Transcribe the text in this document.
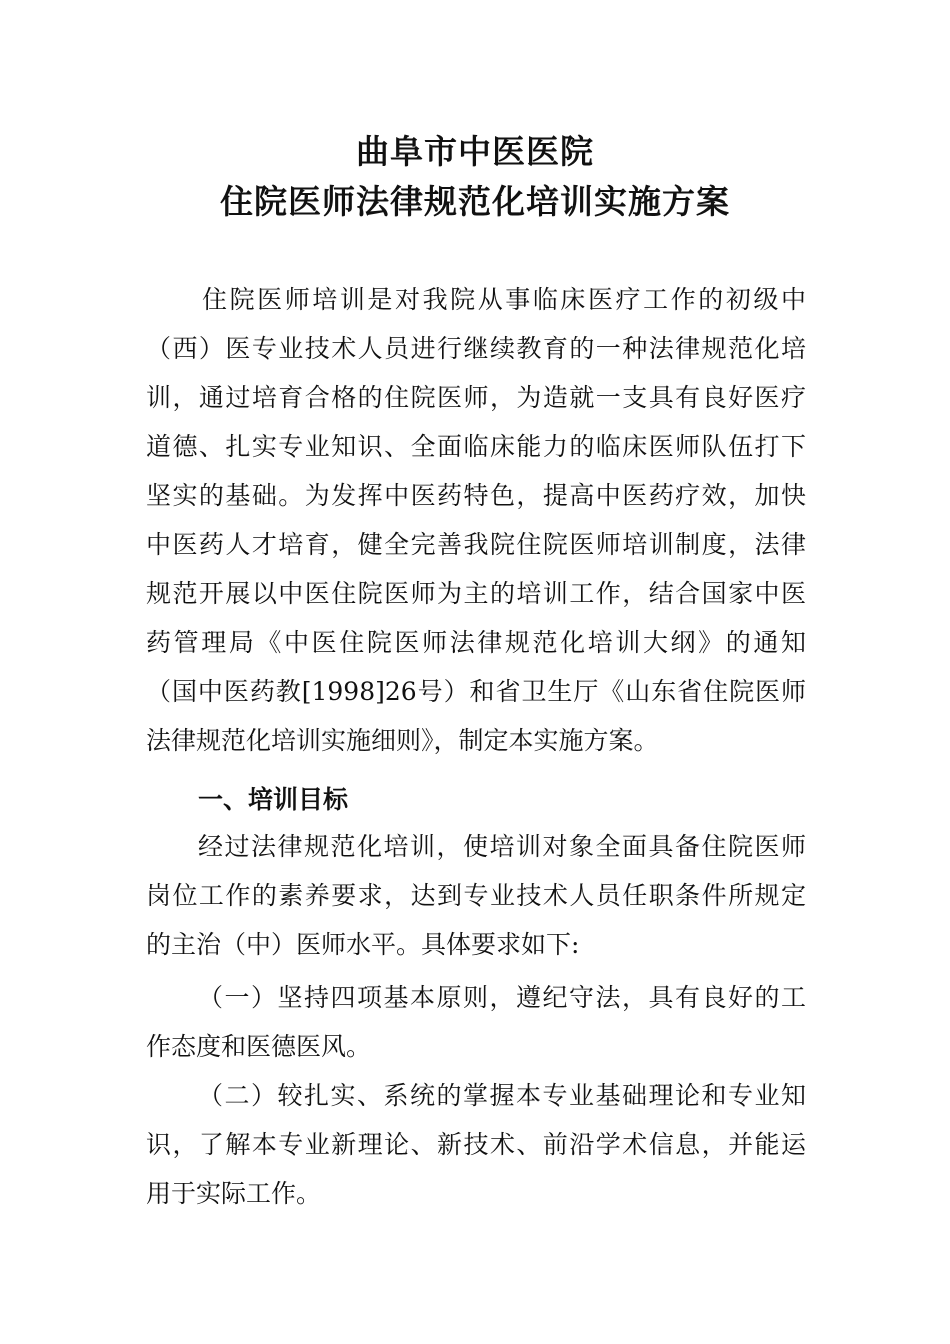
曲阜市中医医院
住院医师法律规范化培训实施方案
住院医师培训是对我院从事临床医疗工作的初级中
（西）医专业技术人员进行继续教育的一种法律规范化培
训，通过培育合格的住院医师，为造就一支具有良好医疗
道德、扎实专业知识、全面临床能力的临床医师队伍打下
坚实的基础。为发挥中医药特色，提高中医药疗效，加快
中医药人才培育，健全完善我院住院医师培训制度，法律
规范开展以中医住院医师为主的培训工作，结合国家中医
药管理局《中医住院医师法律规范化培训大纲》的通知
（国中医药教[1998]26号）和省卫生厅《山东省住院医师
法律规范化培训实施细则》，制定本实施方案。
一、培训目标
经过法律规范化培训，使培训对象全面具备住院医师
岗位工作的素养要求，达到专业技术人员任职条件所规定
的主治（中）医师水平。具体要求如下:
（一）坚持四项基本原则，遵纪守法，具有良好的工
作态度和医德医风。
（二）较扎实、系统的掌握本专业基础理论和专业知
识，了解本专业新理论、新技术、前沿学术信息，并能运
用于实际工作。
